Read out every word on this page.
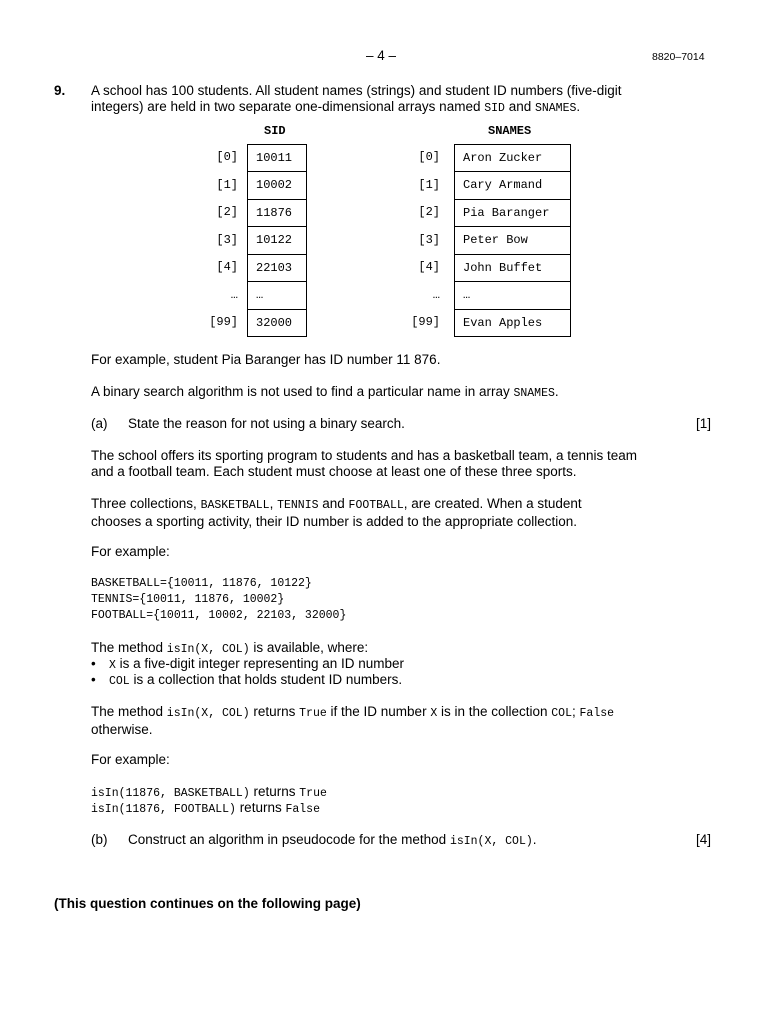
– 4 –	8820–7014
9. A school has 100 students. All student names (strings) and student ID numbers (five-digit
integers) are held in two separate one-dimensional arrays named SID and SNAMES.
SID	SNAMES
[0]	10011
[1]	10002
[2]	11876
[3]	10122
[4]	22103
…	…
[99]	32000
[0]	Aron Zucker
[1]	Cary Armand
[2]	Pia Baranger
[3]	Peter Bow
[4]	John Buffet
…	…
[99]	Evan Apples
For example, student Pia Baranger has ID number 11 876.
A binary search algorithm is not used to find a particular name in array SNAMES.
(a) State the reason for not using a binary search.	[1]
The school offers its sporting program to students and has a basketball team, a tennis team
and a football team. Each student must choose at least one of these three sports.
Three collections, BASKETBALL, TENNIS and FOOTBALL, are created. When a student
chooses a sporting activity, their ID number is added to the appropriate collection.
For example:
BASKETBALL={10011, 11876, 10122}
TENNIS={10011, 11876, 10002}
FOOTBALL={10011, 10002, 22103, 32000}
The method isIn(X, COL) is available, where:
• X is a five-digit integer representing an ID number
• COL is a collection that holds student ID numbers.
The method isIn(X, COL) returns True if the ID number X is in the collection COL; False
otherwise.
For example:
isIn(11876, BASKETBALL) returns True
isIn(11876, FOOTBALL) returns False
(b) Construct an algorithm in pseudocode for the method isIn(X, COL).	[4]
(This question continues on the following page)
